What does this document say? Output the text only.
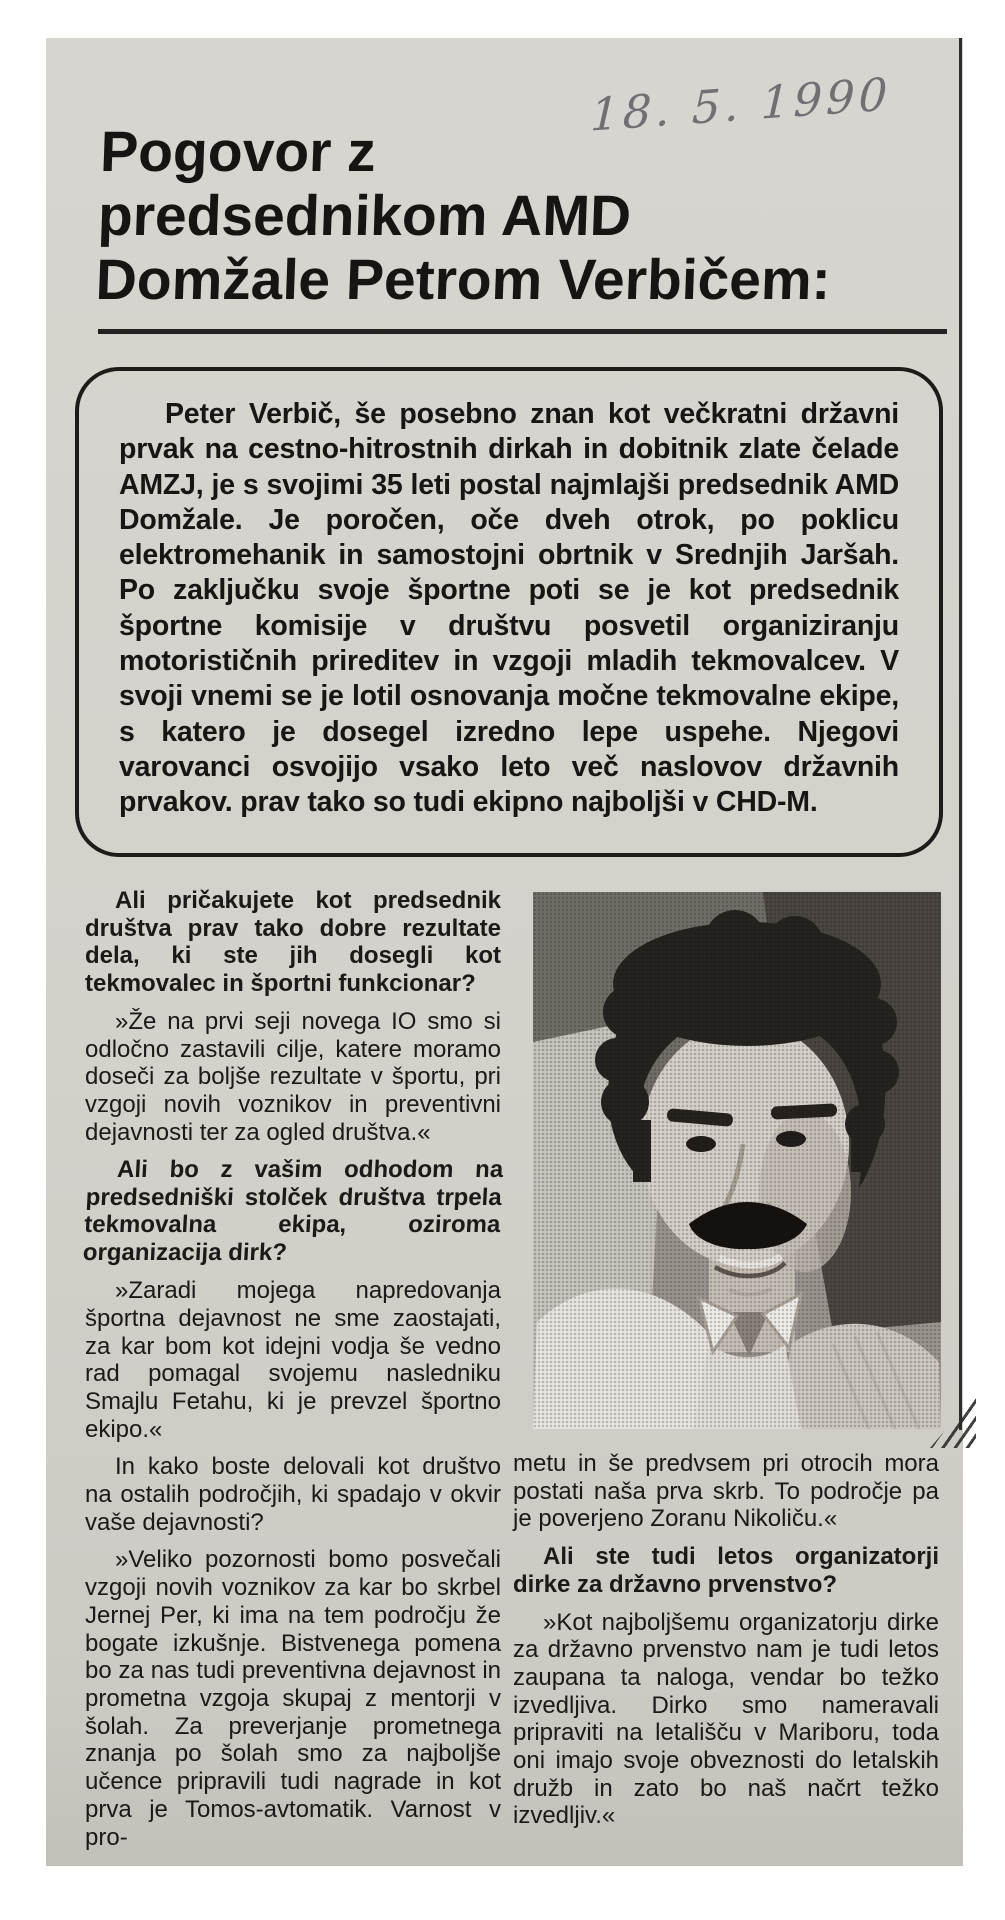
18. 5. 1990
Pogovor z
predsednikom AMD
Domžale Petrom Verbičem:

Peter Verbič, še posebno znan kot večkratni državni prvak na cestno-hitrostnih dirkah in dobitnik zlate čelade AMZJ, je s svojimi 35 leti postal najmlajši predsednik AMD Domžale. Je poročen, oče dveh otrok, po poklicu elektromehanik in samostojni obrtnik v Srednjih Jaršah. Po zaključku svoje športne poti se je kot predsednik športne komisije v društvu posvetil organiziranju motorističnih prireditev in vzgoji mladih tekmovalcev. V svoji vnemi se je lotil osnovanja močne tekmovalne ekipe, s katero je dosegel izredno lepe uspehe. Njegovi varovanci osvojijo vsako leto več naslovov državnih prvakov. prav tako so tudi ekipno najboljši v CHD-M.

Ali pričakujete kot predsednik društva prav tako dobre rezultate dela, ki ste jih dosegli kot tekmovalec in športni funkcionar?

»Že na prvi seji novega IO smo si odločno zastavili cilje, katere moramo doseči za boljše rezultate v športu, pri vzgoji novih voznikov in preventivni dejavnosti ter za ogled društva.«

Ali bo z vašim odhodom na predsedniški stolček društva trpela tekmovalna ekipa, oziroma organizacija dirk?

»Zaradi mojega napredovanja športna dejavnost ne sme zaostajati, za kar bom kot idejni vodja še vedno rad pomagal svojemu nasledniku Smajlu Fetahu, ki je prevzel športno ekipo.«

In kako boste delovali kot društvo na ostalih področjih, ki spadajo v okvir vaše dejavnosti?

»Veliko pozornosti bomo posvečali vzgoji novih voznikov za kar bo skrbel Jernej Per, ki ima na tem področju že bogate izkušnje. Bistvenega pomena bo za nas tudi preventivna dejavnost in prometna vzgoja skupaj z mentorji v šolah. Za preverjanje prometnega znanja po šolah smo za najboljše učence pripravili tudi nagrade in kot prva je Tomos-avtomatik. Varnost v pro-

metu in še predvsem pri otrocih mora postati naša prva skrb. To področje pa je poverjeno Zoranu Nikoliču.«

Ali ste tudi letos organizatorji dirke za državno prvenstvo?

»Kot najboljšemu organizatorju dirke za državno prvenstvo nam je tudi letos zaupana ta naloga, vendar bo težko izvedljiva. Dirko smo nameravali pripraviti na letališču v Mariboru, toda oni imajo svoje obveznosti do letalskih družb in zato bo naš načrt težko izvedljiv.«
